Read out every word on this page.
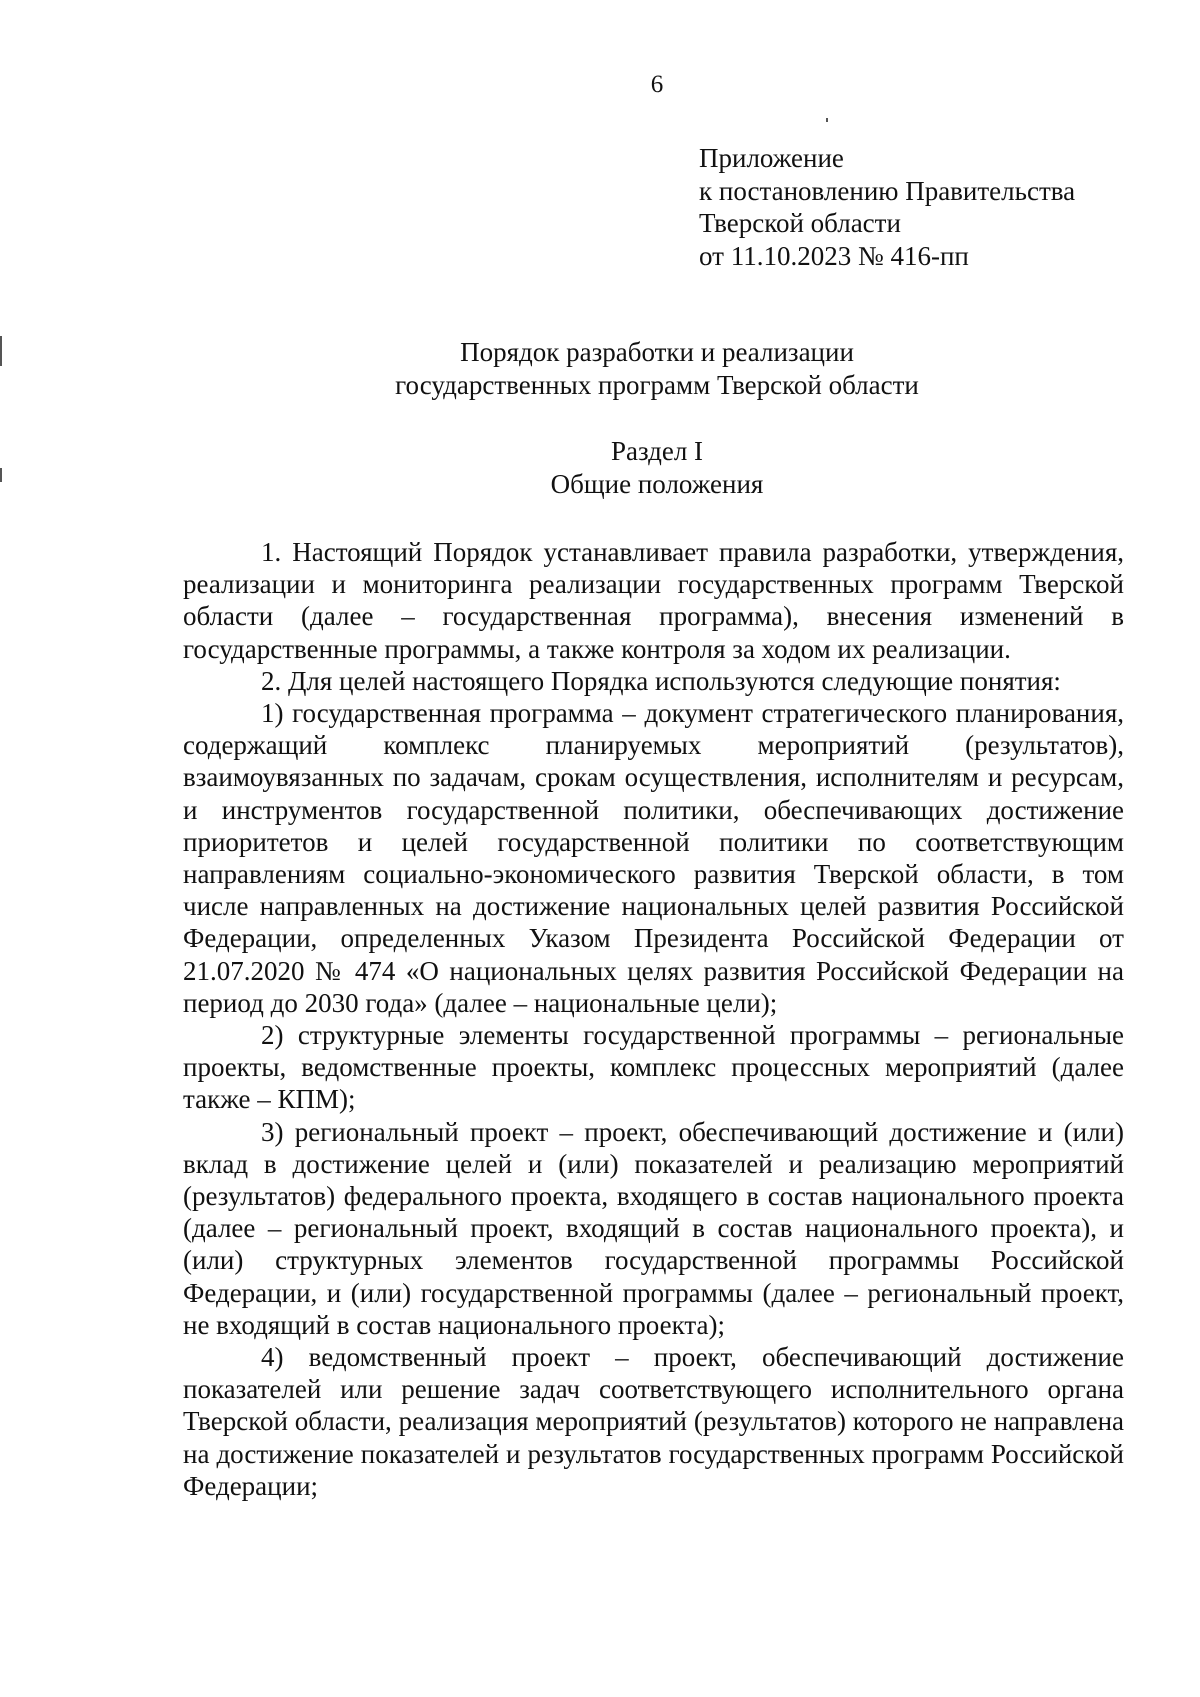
6
Приложение
к постановлению Правительства
Тверской области
от 11.10.2023 № 416-пп
Порядок разработки и реализации
государственных программ Тверской области
Раздел I
Общие положения

1. Настоящий Порядок устанавливает правила разработки, утверждения, реализации и мониторинга реализации государственных программ Тверской области (далее – государственная программа), внесения изменений в государственные программы, а также контроля за ходом их реализации.

2. Для целей настоящего Порядка используются следующие понятия:

1) государственная программа – документ стратегического планирования, содержащий комплекс планируемых мероприятий (результатов), взаимоувязанных по задачам, срокам осуществления, исполнителям и ресурсам, и инструментов государственной политики, обеспечивающих достижение приоритетов и целей государственной политики по соответствующим направлениям социально-экономического развития Тверской области, в том числе направленных на достижение национальных целей развития Российской Федерации, определенных Указом Президента Российской Федерации от 21.07.2020 № 474 «О национальных целях развития Российской Федерации на период до 2030 года» (далее – национальные цели);

2) структурные элементы государственной программы – региональные проекты, ведомственные проекты, комплекс процессных мероприятий (далее также – КПМ);

3) региональный проект – проект, обеспечивающий достижение и (или) вклад в достижение целей и (или) показателей и реализацию мероприятий (результатов) федерального проекта, входящего в состав национального проекта (далее – региональный проект, входящий в состав национального проекта), и (или) структурных элементов государственной программы Российской Федерации, и (или) государственной программы (далее – региональный проект, не входящий в состав национального проекта);

4) ведомственный проект – проект, обеспечивающий достижение показателей или решение задач соответствующего исполнительного органа Тверской области, реализация мероприятий (результатов) которого не направлена на достижение показателей и результатов государственных программ Российской Федерации;
